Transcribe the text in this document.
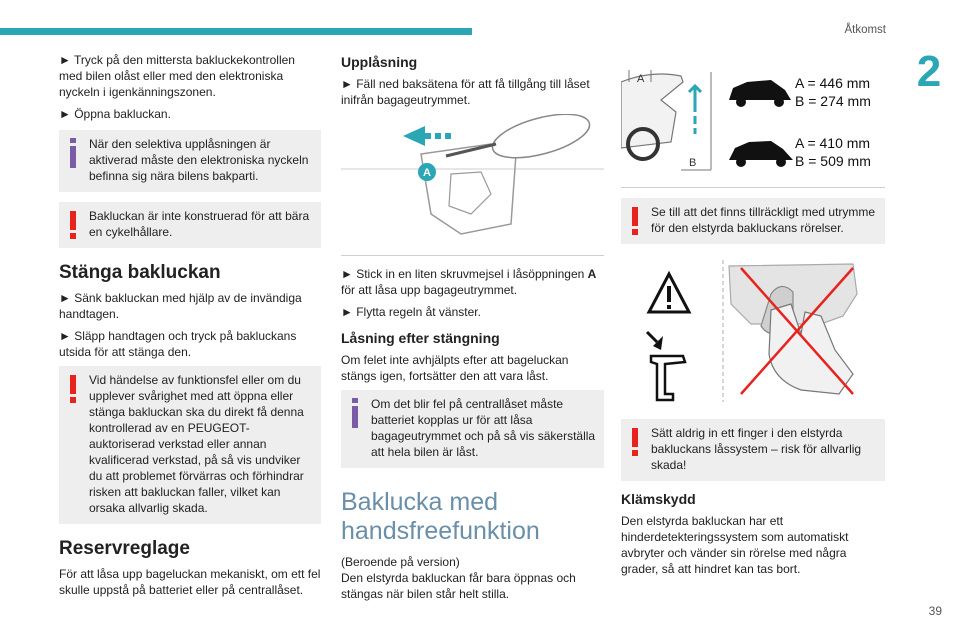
Åtkomst
2
39

► Tryck på den mittersta bakluckekontrollen med bilen olåst eller med den elektroniska nyckeln i igenkänningszonen.

► Öppna bakluckan.

När den selektiva upplåsningen är aktiverad måste den elektroniska nyckeln befinna sig nära bilens bakparti.
Bakluckan är inte konstruerad för att bära en cykelhållare.
Stänga bakluckan

► Sänk bakluckan med hjälp av de invändiga handtagen.

► Släpp handtagen och tryck på bakluckans utsida för att stänga den.

Vid händelse av funktionsfel eller om du upplever svårighet med att öppna eller stänga bakluckan ska du direkt få denna kontrollerad av en PEUGEOT-auktoriserad verkstad eller annan kvalificerad verkstad, på så vis undviker du att problemet förvärras och förhindrar risken att bakluckan faller, vilket kan orsaka allvarlig skada.
Reservreglage

För att låsa upp bageluckan mekaniskt, om ett fel skulle uppstå på batteriet eller på centrallåset.

Upplåsning

► Fäll ned baksätena för att få tillgång till låset inifrån bagageutrymmet.

A

► Stick in en liten skruvmejsel i låsöppningen A för att låsa upp bagageutrymmet.

► Flytta regeln åt vänster.

Låsning efter stängning

Om felet inte avhjälpts efter att bageluckan stängs igen, fortsätter den att vara låst.

Om det blir fel på centrallåset måste batteriet kopplas ur för att låsa bagageutrymmet och på så vis säkerställa att hela bilen är låst.
Baklucka med handsfreefunktion

(Beroende på version)

Den elstyrda bakluckan får bara öppnas och stängas när bilen står helt stilla.

A
B
A = 446 mm
B = 274 mm
A = 410 mm
B = 509 mm
Se till att det finns tillräckligt med utrymme för den elstyrda bakluckans rörelser.
Sätt aldrig in ett finger i den elstyrda bakluckans låssystem – risk för allvarlig skada!
Klämskydd

Den elstyrda bakluckan har ett hinderdetekteringssystem som automatiskt avbryter och vänder sin rörelse med några grader, så att hindret kan tas bort.
